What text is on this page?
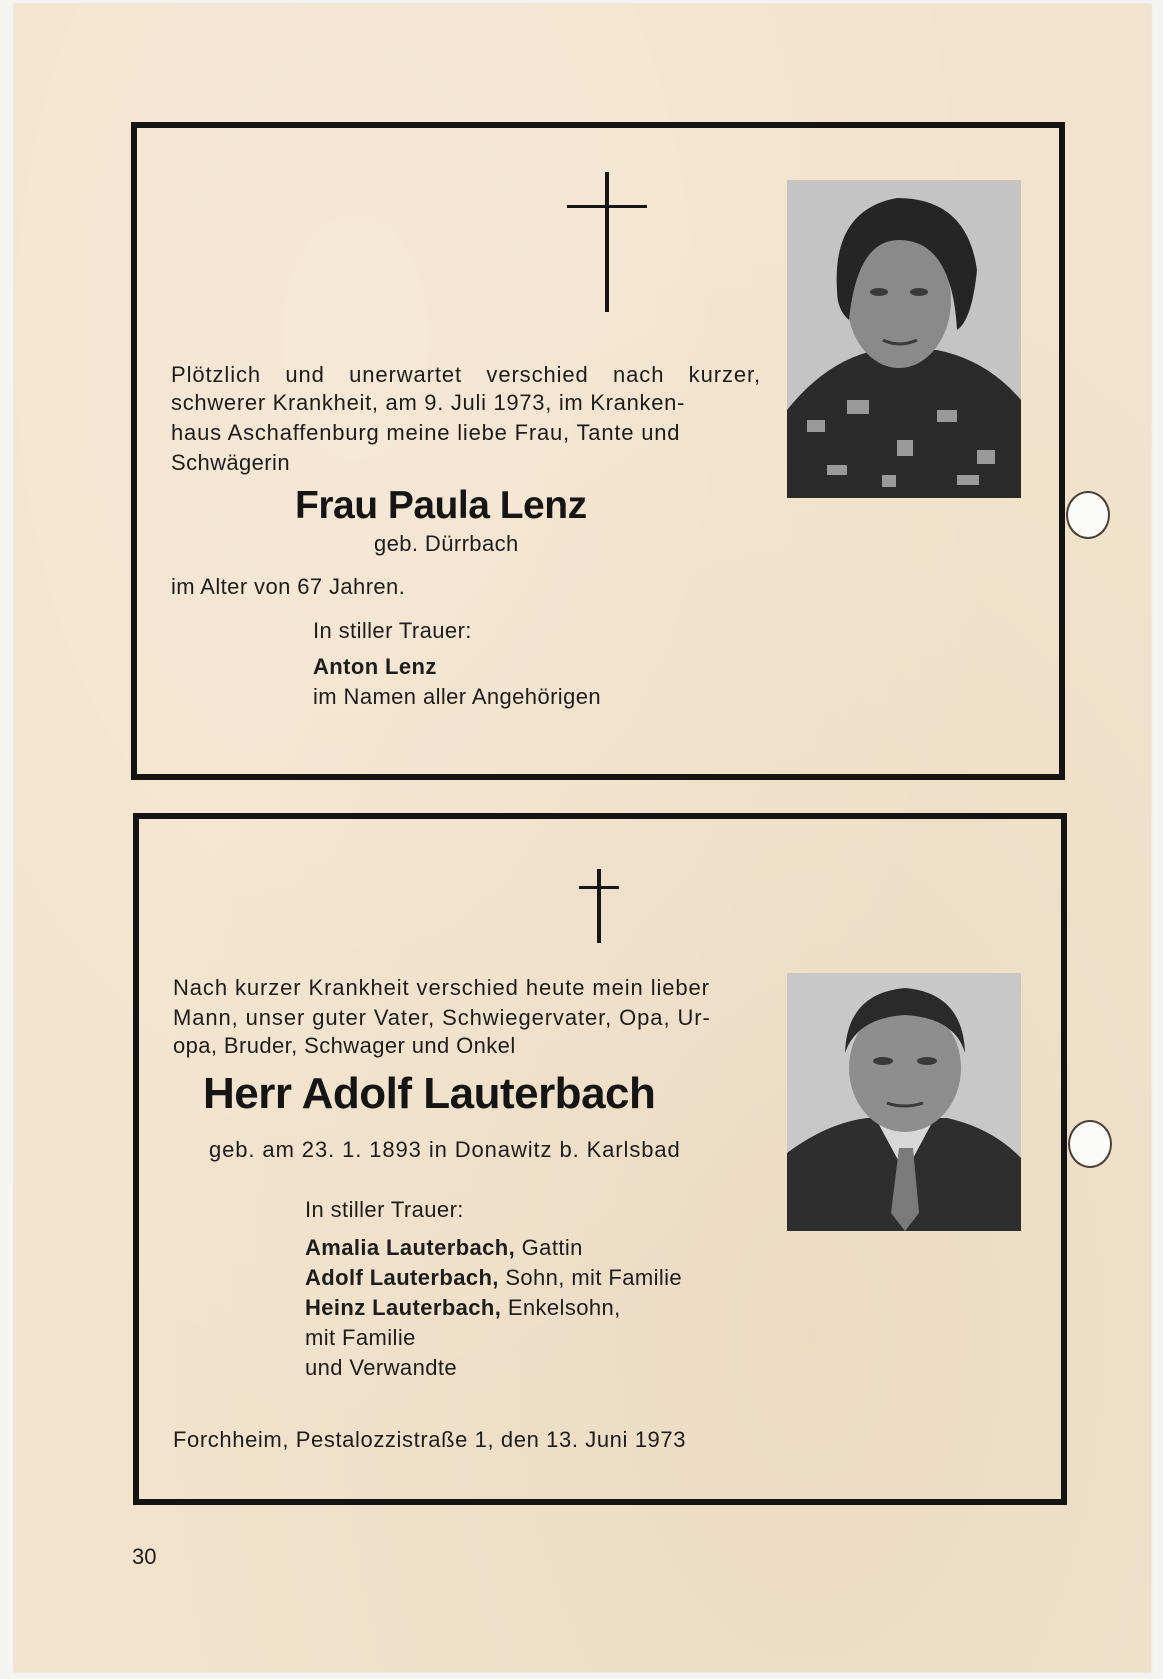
Plötzlich und unerwartet verschied nach kurzer,
schwerer Krankheit, am 9. Juli 1973, im Kranken-
haus Aschaffenburg meine liebe Frau, Tante und
Schwägerin
Frau Paula Lenz
geb. Dürrbach
im Alter von 67 Jahren.
In stiller Trauer:
Anton Lenz
im Namen aller Angehörigen
Nach kurzer Krankheit verschied heute mein lieber
Mann, unser guter Vater, Schwiegervater, Opa, Ur-
opa, Bruder, Schwager und Onkel
Herr Adolf Lauterbach
geb. am 23. 1. 1893 in Donawitz b. Karlsbad
In stiller Trauer:
Amalia Lauterbach, Gattin
Adolf Lauterbach, Sohn, mit Familie
Heinz Lauterbach, Enkelsohn,
mit Familie
und Verwandte
Forchheim, Pestalozzistraße 1, den 13. Juni 1973
30
